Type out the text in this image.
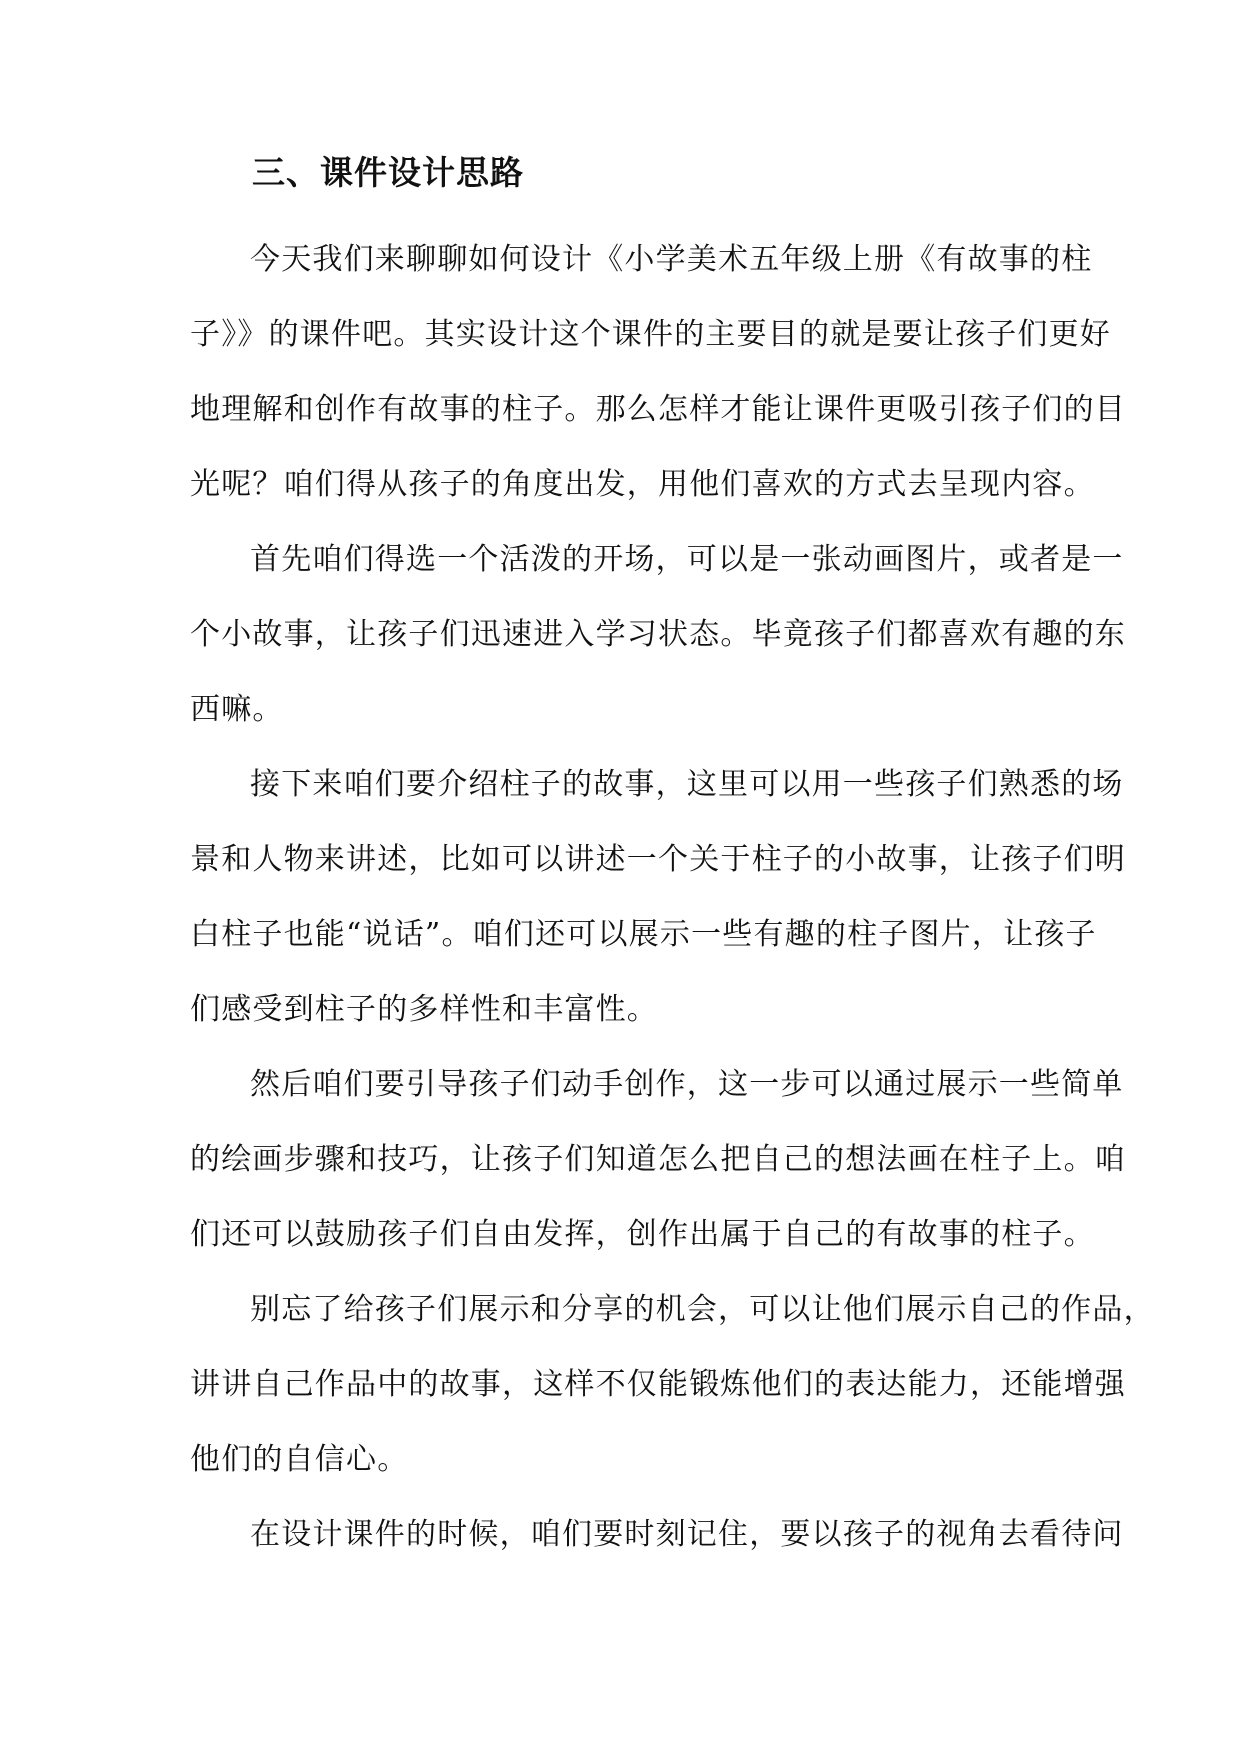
三、课件设计思路

今天我们来聊聊如何设计《小学美术五年级上册《有故事的柱
子》》的课件吧。其实设计这个课件的主要目的就是要让孩子们更好
地理解和创作有故事的柱子。那么怎样才能让课件更吸引孩子们的目
光呢？咱们得从孩子的角度出发，用他们喜欢的方式去呈现内容。

首先咱们得选一个活泼的开场，可以是一张动画图片，或者是一
个小故事，让孩子们迅速进入学习状态。毕竟孩子们都喜欢有趣的东
西嘛。

接下来咱们要介绍柱子的故事，这里可以用一些孩子们熟悉的场
景和人物来讲述，比如可以讲述一个关于柱子的小故事，让孩子们明
白柱子也能“说话”。咱们还可以展示一些有趣的柱子图片，让孩子
们感受到柱子的多样性和丰富性。

然后咱们要引导孩子们动手创作，这一步可以通过展示一些简单
的绘画步骤和技巧，让孩子们知道怎么把自己的想法画在柱子上。咱
们还可以鼓励孩子们自由发挥，创作出属于自己的有故事的柱子。

别忘了给孩子们展示和分享的机会，可以让他们展示自己的作品，
讲讲自己作品中的故事，这样不仅能锻炼他们的表达能力，还能增强
他们的自信心。

在设计课件的时候，咱们要时刻记住，要以孩子的视角去看待问
